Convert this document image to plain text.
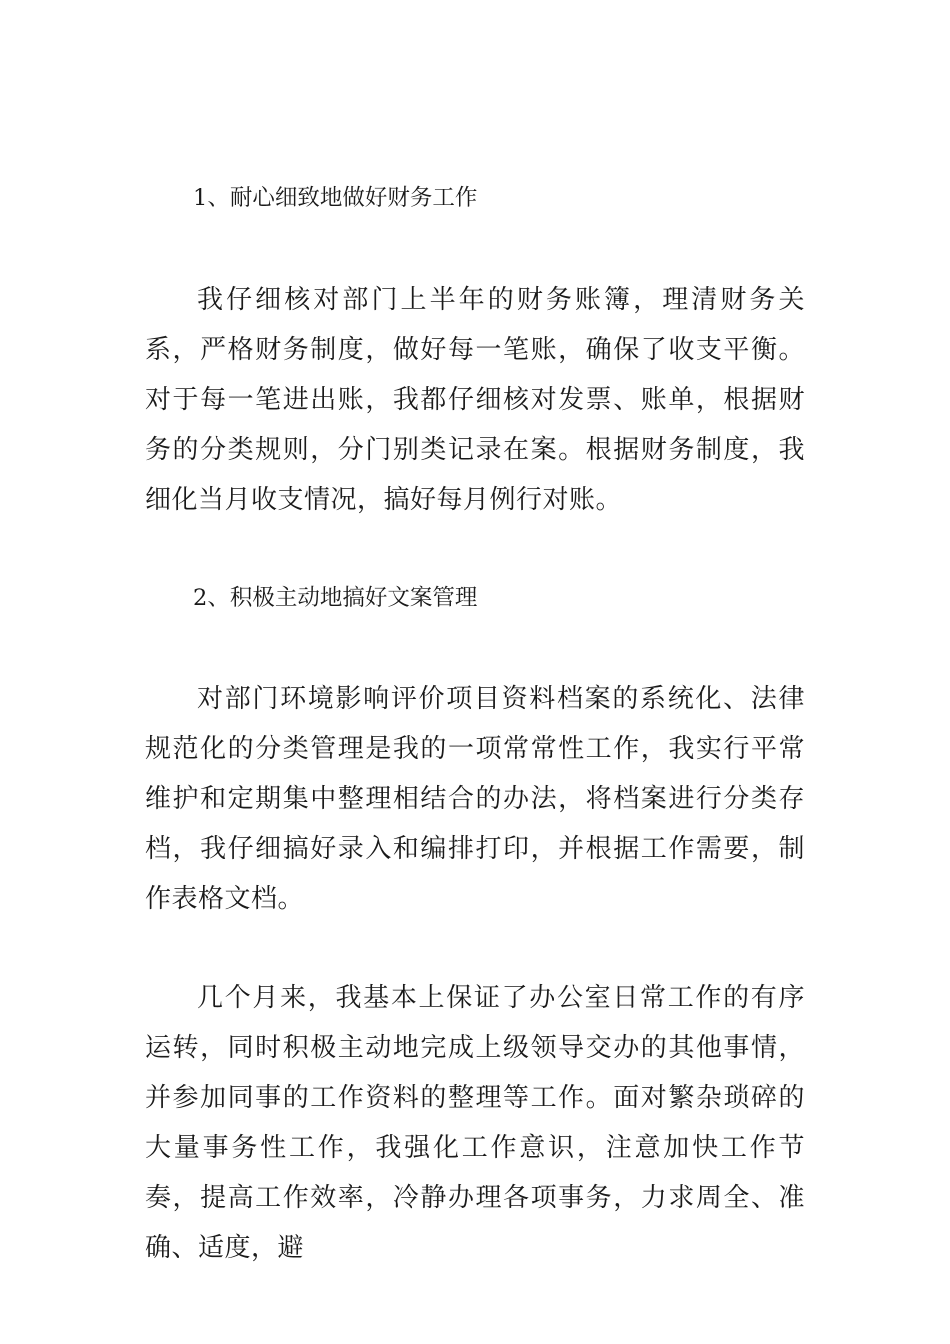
1、耐心细致地做好财务工作

我仔细核对部门上半年的财务账簿，理清财务关系，严格财务制度，做好每一笔账，确保了收支平衡。对于每一笔进出账，我都仔细核对发票、账单，根据财务的分类规则，分门别类记录在案。根据财务制度，我细化当月收支情况，搞好每月例行对账。

2、积极主动地搞好文案管理

对部门环境影响评价项目资料档案的系统化、法律规范化的分类管理是我的一项常常性工作，我实行平常维护和定期集中整理相结合的办法，将档案进行分类存档，我仔细搞好录入和编排打印，并根据工作需要，制作表格文档。

几个月来，我基本上保证了办公室日常工作的有序运转，同时积极主动地完成上级领导交办的其他事情，并参加同事的工作资料的整理等工作。面对繁杂琐碎的大量事务性工作，我强化工作意识，注意加快工作节奏，提高工作效率，冷静办理各项事务，力求周全、准确、适度，避
